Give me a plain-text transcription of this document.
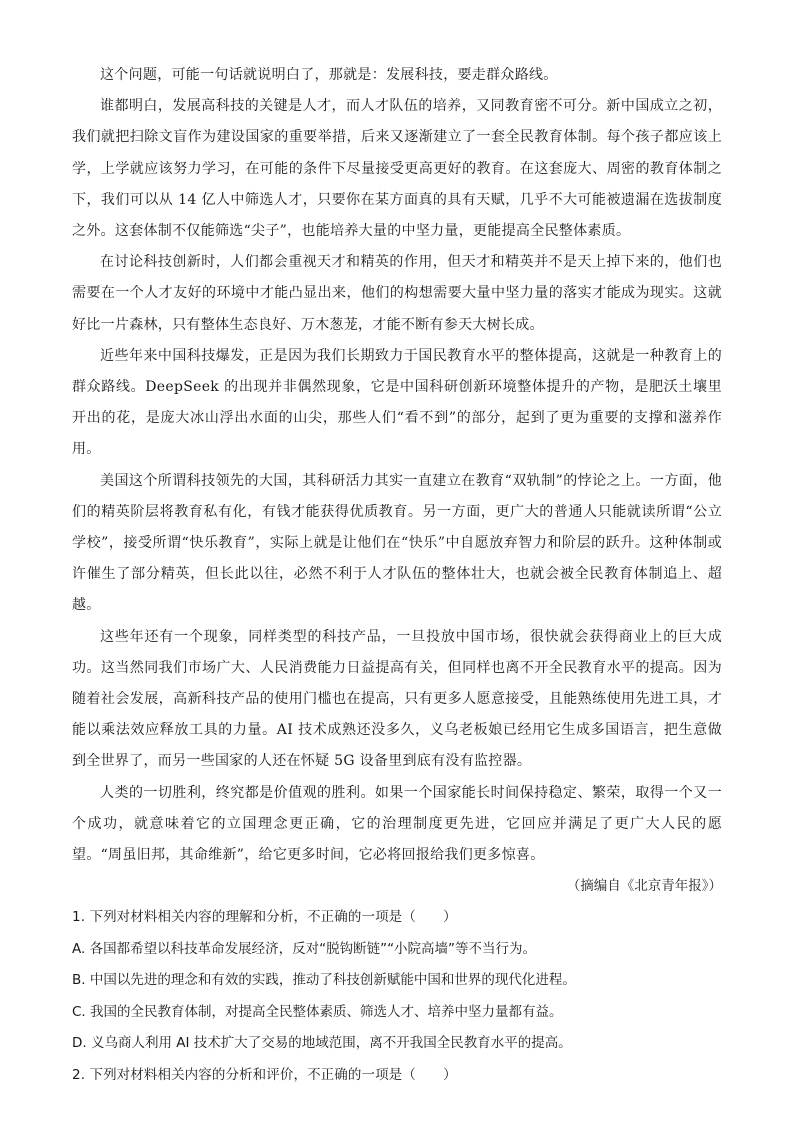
这个问题，可能一句话就说明白了，那就是：发展科技，要走群众路线。

谁都明白，发展高科技的关键是人才，而人才队伍的培养，又同教育密不可分。新中国成立之初，我们就把扫除文盲作为建设国家的重要举措，后来又逐渐建立了一套全民教育体制。每个孩子都应该上学，上学就应该努力学习，在可能的条件下尽量接受更高更好的教育。在这套庞大、周密的教育体制之下，我们可以从 14 亿人中筛选人才，只要你在某方面真的具有天赋，几乎不大可能被遗漏在选拔制度之外。这套体制不仅能筛选“尖子”，也能培养大量的中坚力量，更能提高全民整体素质。

在讨论科技创新时，人们都会重视天才和精英的作用，但天才和精英并不是天上掉下来的，他们也需要在一个人才友好的环境中才能凸显出来，他们的构想需要大量中坚力量的落实才能成为现实。这就好比一片森林，只有整体生态良好、万木葱茏，才能不断有参天大树长成。

近些年来中国科技爆发，正是因为我们长期致力于国民教育水平的整体提高，这就是一种教育上的群众路线。DeepSeek 的出现并非偶然现象，它是中国科研创新环境整体提升的产物，是肥沃土壤里开出的花，是庞大冰山浮出水面的山尖，那些人们“看不到”的部分，起到了更为重要的支撑和滋养作用。

美国这个所谓科技领先的大国，其科研活力其实一直建立在教育“双轨制”的悖论之上。一方面，他们的精英阶层将教育私有化，有钱才能获得优质教育。另一方面，更广大的普通人只能就读所谓“公立学校”，接受所谓“快乐教育”，实际上就是让他们在“快乐”中自愿放弃智力和阶层的跃升。这种体制或许催生了部分精英，但长此以往，必然不利于人才队伍的整体壮大，也就会被全民教育体制追上、超越。

这些年还有一个现象，同样类型的科技产品，一旦投放中国市场，很快就会获得商业上的巨大成功。这当然同我们市场广大、人民消费能力日益提高有关，但同样也离不开全民教育水平的提高。因为随着社会发展，高新科技产品的使用门槛也在提高，只有更多人愿意接受，且能熟练使用先进工具，才能以乘法效应释放工具的力量。AI 技术成熟还没多久，义乌老板娘已经用它生成多国语言，把生意做到全世界了，而另一些国家的人还在怀疑 5G 设备里到底有没有监控器。

人类的一切胜利，终究都是价值观的胜利。如果一个国家能长时间保持稳定、繁荣，取得一个又一个成功，就意味着它的立国理念更正确，它的治理制度更先进，它回应并满足了更广大人民的愿望。“周虽旧邦，其命维新”，给它更多时间，它必将回报给我们更多惊喜。

（摘编自《北京青年报》）

1. 下列对材料相关内容的理解和分析，不正确的一项是（　　）

A. 各国都希望以科技革命发展经济，反对“脱钩断链”“小院高墙”等不当行为。

B. 中国以先进的理念和有效的实践，推动了科技创新赋能中国和世界的现代化进程。

C. 我国的全民教育体制，对提高全民整体素质、筛选人才、培养中坚力量都有益。

D. 义乌商人利用 AI 技术扩大了交易的地域范围，离不开我国全民教育水平的提高。

2. 下列对材料相关内容的分析和评价，不正确的一项是（　　）
